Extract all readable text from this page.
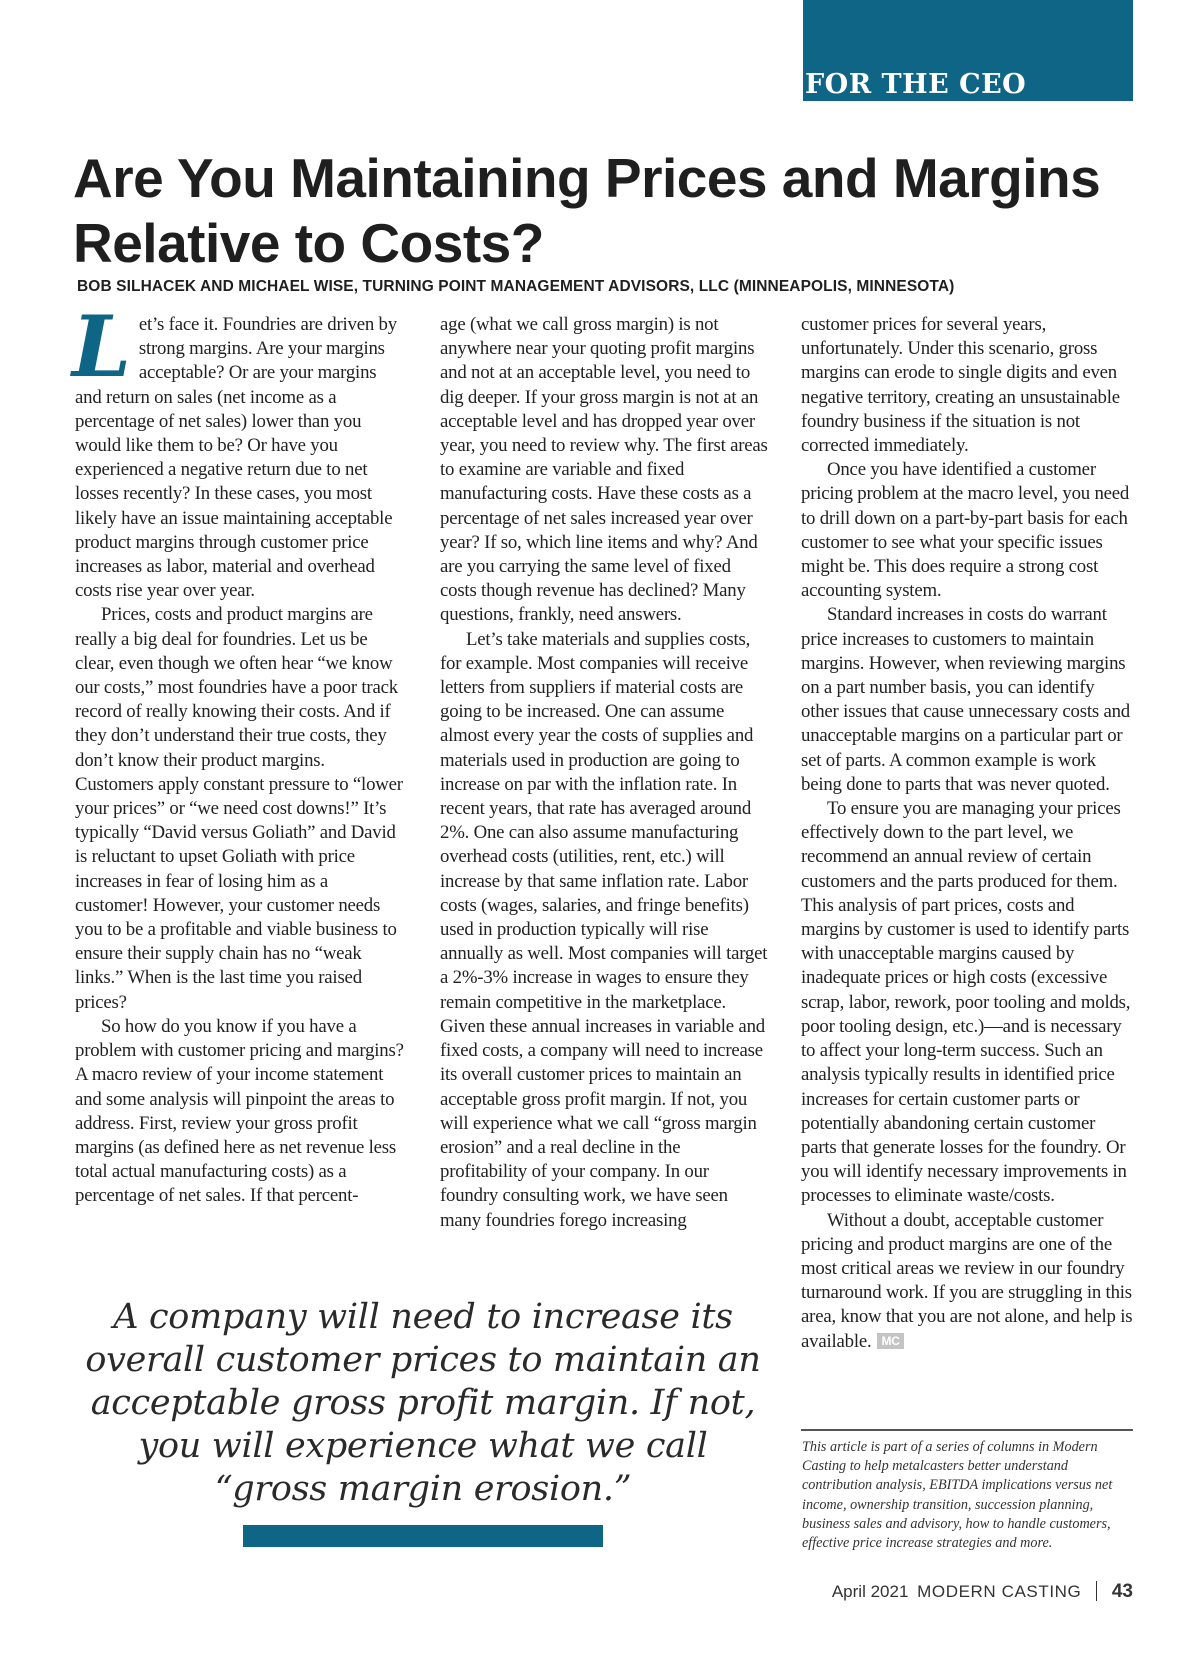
FOR THE CEO
Are You Maintaining Prices and Margins Relative to Costs?
BOB SILHACEK AND MICHAEL WISE, TURNING POINT MANAGEMENT ADVISORS, LLC (MINNEAPOLIS, MINNESOTA)

Let’s face it. Foundries are driven by strong margins. Are your margins acceptable? Or are your margins and return on sales (net income as a percentage of net sales) lower than you would like them to be? Or have you experienced a negative return due to net losses recently? In these cases, you most likely have an issue maintaining acceptable product margins through customer price increases as labor, material and overhead costs rise year over year.

Prices, costs and product margins are really a big deal for foundries. Let us be clear, even though we often hear “we know our costs,” most foundries have a poor track record of really knowing their costs. And if they don’t understand their true costs, they don’t know their product margins. Customers apply constant pressure to “lower your prices” or “we need cost downs!” It’s typically “David versus Goliath” and David is reluctant to upset Goliath with price increases in fear of losing him as a customer! However, your customer needs you to be a profitable and viable business to ensure their supply chain has no “weak links.” When is the last time you raised prices?

So how do you know if you have a problem with customer pricing and margins? A macro review of your income statement and some analysis will pinpoint the areas to address. First, review your gross profit margins (as defined here as net revenue less total actual manufacturing costs) as a percentage of net sales. If that percent-

age (what we call gross margin) is not anywhere near your quoting profit margins and not at an acceptable level, you need to dig deeper. If your gross margin is not at an acceptable level and has dropped year over year, you need to review why. The first areas to examine are variable and fixed manufacturing costs. Have these costs as a percentage of net sales increased year over year? If so, which line items and why? And are you carrying the same level of fixed costs though revenue has declined? Many questions, frankly, need answers.

Let’s take materials and supplies costs, for example. Most companies will receive letters from suppliers if material costs are going to be increased. One can assume almost every year the costs of supplies and materials used in production are going to increase on par with the inflation rate. In recent years, that rate has averaged around 2%. One can also assume manufacturing overhead costs (utilities, rent, etc.) will increase by that same inflation rate. Labor costs (wages, salaries, and fringe benefits) used in production typically will rise annually as well. Most companies will target a 2%-3% increase in wages to ensure they remain competitive in the marketplace. Given these annual increases in variable and fixed costs, a company will need to increase its overall customer prices to maintain an acceptable gross profit margin. If not, you will experience what we call “gross margin erosion” and a real decline in the profitability of your company. In our foundry consulting work, we have seen many foundries forego increasing

customer prices for several years, unfortunately. Under this scenario, gross margins can erode to single digits and even negative territory, creating an unsustainable foundry business if the situation is not corrected immediately.

Once you have identified a customer pricing problem at the macro level, you need to drill down on a part-by-part basis for each customer to see what your specific issues might be. This does require a strong cost accounting system.

Standard increases in costs do warrant price increases to customers to maintain margins. However, when reviewing margins on a part number basis, you can identify other issues that cause unnecessary costs and unacceptable margins on a particular part or set of parts. A common example is work being done to parts that was never quoted.

To ensure you are managing your prices effectively down to the part level, we recommend an annual review of certain customers and the parts produced for them. This analysis of part prices, costs and margins by customer is used to identify parts with unacceptable margins caused by inadequate prices or high costs (excessive scrap, labor, rework, poor tooling and molds, poor tooling design, etc.)—and is necessary to affect your long-term success. Such an analysis typically results in identified price increases for certain customer parts or potentially abandoning certain customer parts that generate losses for the foundry. Or you will identify necessary improvements in processes to eliminate waste/costs.

Without a doubt, acceptable customer pricing and product margins are one of the most critical areas we review in our foundry turnaround work. If you are struggling in this area, know that you are not alone, and help is available. MC

This article is part of a series of columns in Modern Casting to help metalcasters better understand contribution analysis, EBITDA implications versus net income, ownership transition, succession planning, business sales and advisory, how to handle customers, effective price increase strategies and more.

A company will need to increase its overall customer prices to maintain an acceptable gross profit margin. If not, you will experience what we call “gross margin erosion.”

April 2021 MODERN CASTING 43
